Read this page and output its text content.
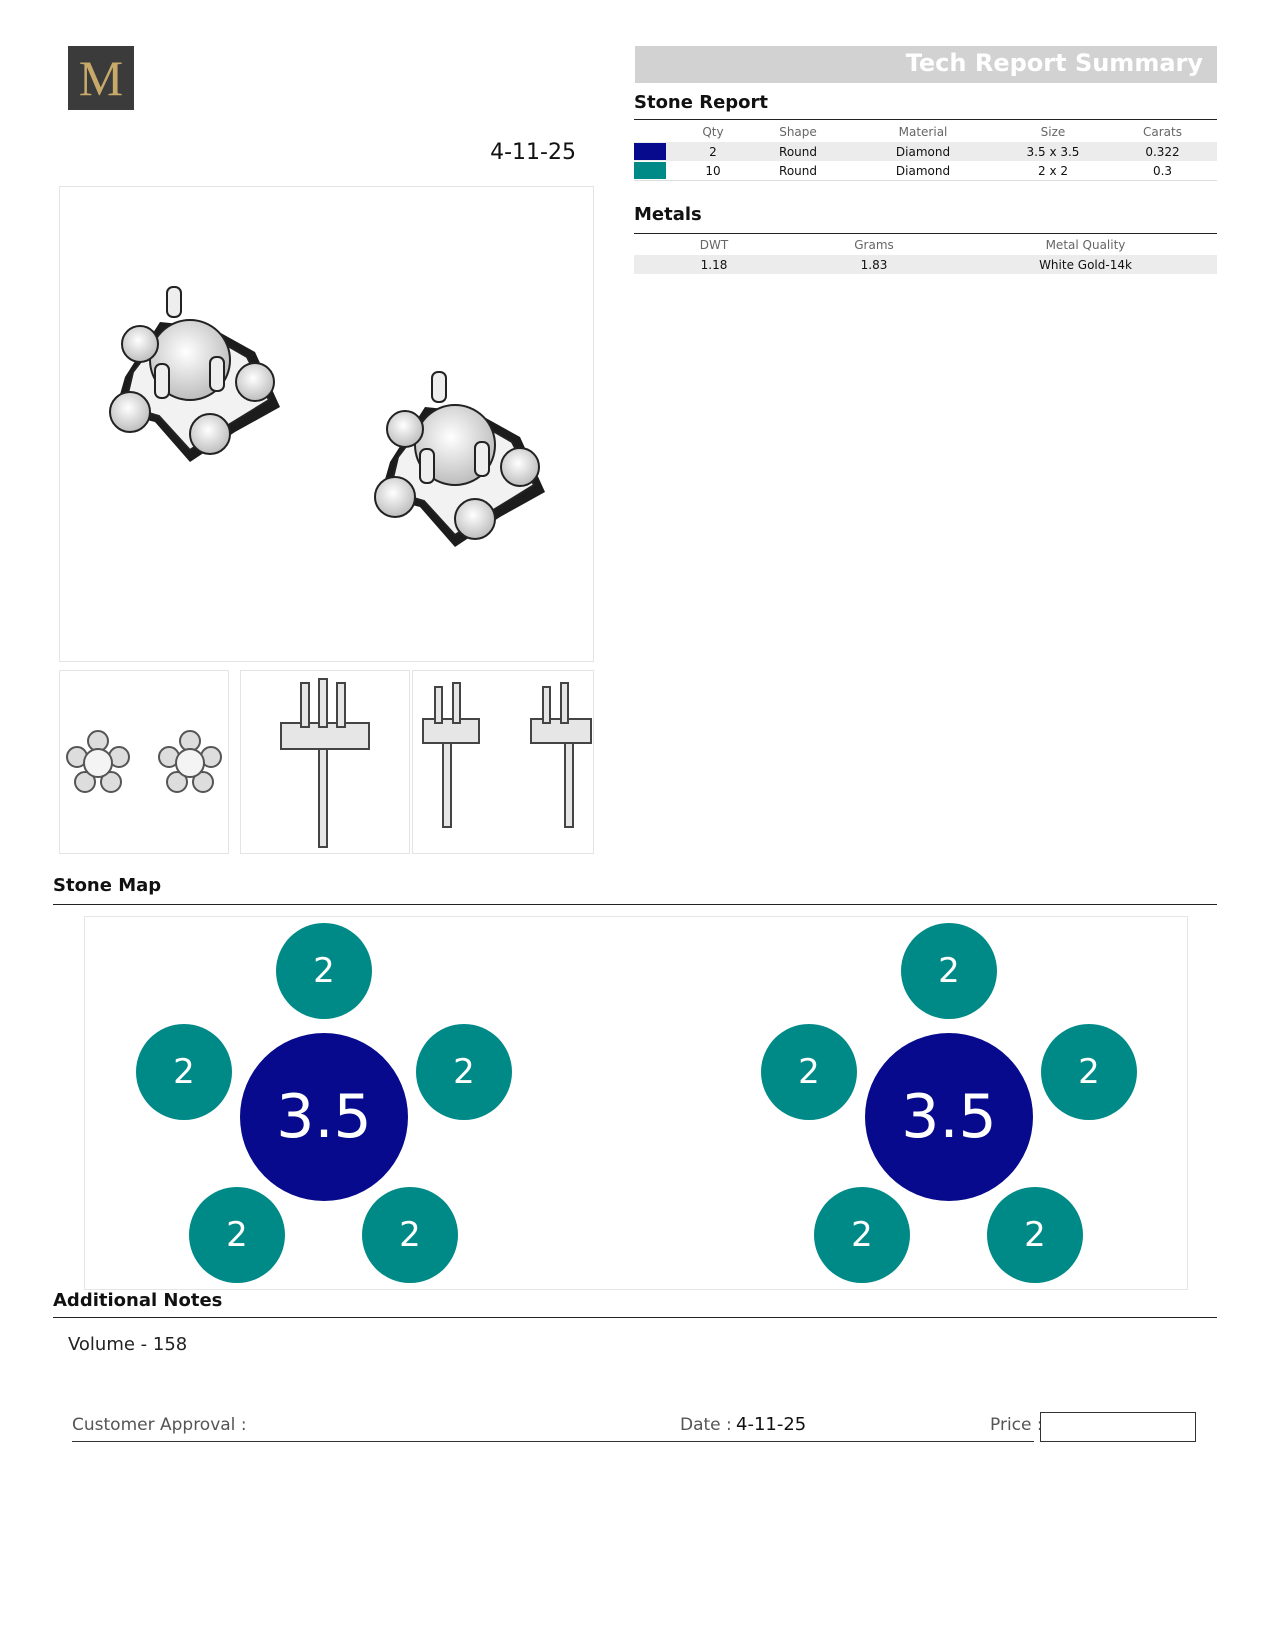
M	Tech Report Summary
4-11-25
Stone Report
	Qty	Shape	Material	Size	Carats
	2	Round	Diamond	3.5 x 3.5	0.322
	10	Round	Diamond	2 x 2	0.3
Metals
DWT	Grams	Metal Quality
1.18	1.83	White Gold-14k
Stone Map
2
2	2
3.5
2	2
2
2	2
3.5
2	2
Additional Notes
Volume - 158
Customer Approval :	Date : 4-11-25	Price :
